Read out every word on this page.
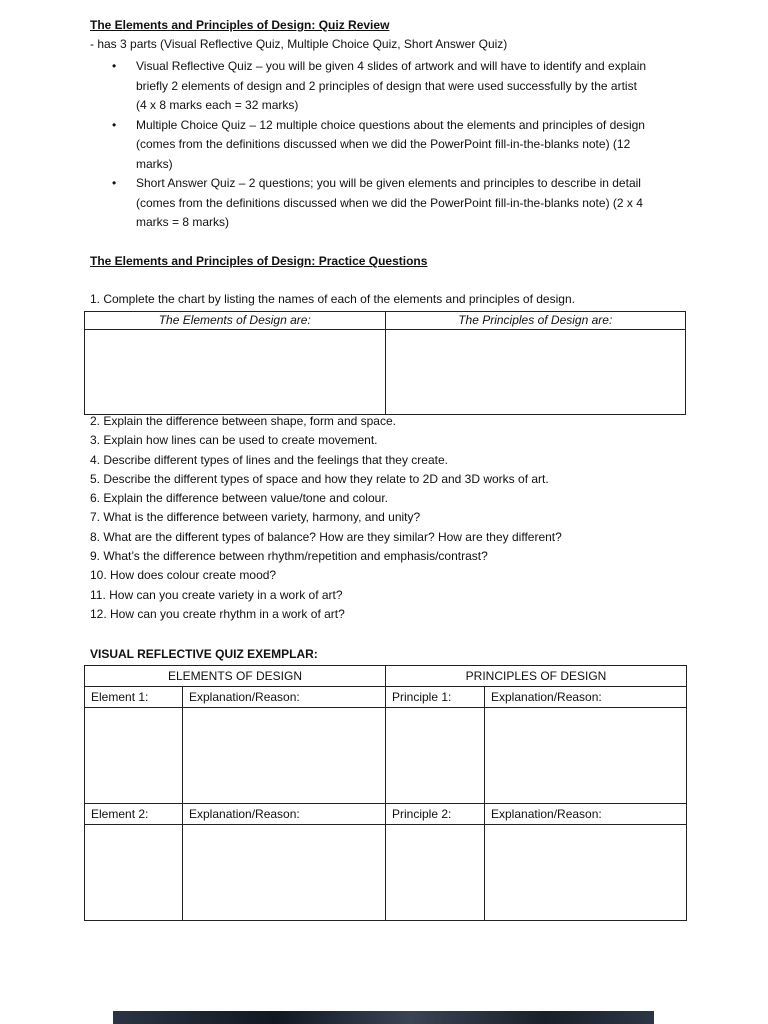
The Elements and Principles of Design: Quiz Review
- has 3 parts (Visual Reflective Quiz, Multiple Choice Quiz, Short Answer Quiz)
• Visual Reflective Quiz – you will be given 4 slides of artwork and will have to identify and explain
briefly 2 elements of design and 2 principles of design that were used successfully by the artist
(4 x 8 marks each = 32 marks)
• Multiple Choice Quiz – 12 multiple choice questions about the elements and principles of design
(comes from the definitions discussed when we did the PowerPoint fill-in-the-blanks note) (12
marks)
• Short Answer Quiz – 2 questions; you will be given elements and principles to describe in detail
(comes from the definitions discussed when we did the PowerPoint fill-in-the-blanks note) (2 x 4
marks = 8 marks)
The Elements and Principles of Design: Practice Questions
1. Complete the chart by listing the names of each of the elements and principles of design.
The Elements of Design are:	The Principles of Design are:

2. Explain the difference between shape, form and space.
3. Explain how lines can be used to create movement.
4. Describe different types of lines and the feelings that they create.
5. Describe the different types of space and how they relate to 2D and 3D works of art.
6. Explain the difference between value/tone and colour.
7. What is the difference between variety, harmony, and unity?
8. What are the different types of balance? How are they similar? How are they different?
9. What’s the difference between rhythm/repetition and emphasis/contrast?
10. How does colour create mood?
11. How can you create variety in a work of art?
12. How can you create rhythm in a work of art?
VISUAL REFLECTIVE QUIZ EXEMPLAR:
ELEMENTS OF DESIGN		PRINCIPLES OF DESIGN	
Element 1:	Explanation/Reason:	Principle 1:	Explanation/Reason:

Element 2:	Explanation/Reason:	Principle 2:	Explanation/Reason:
